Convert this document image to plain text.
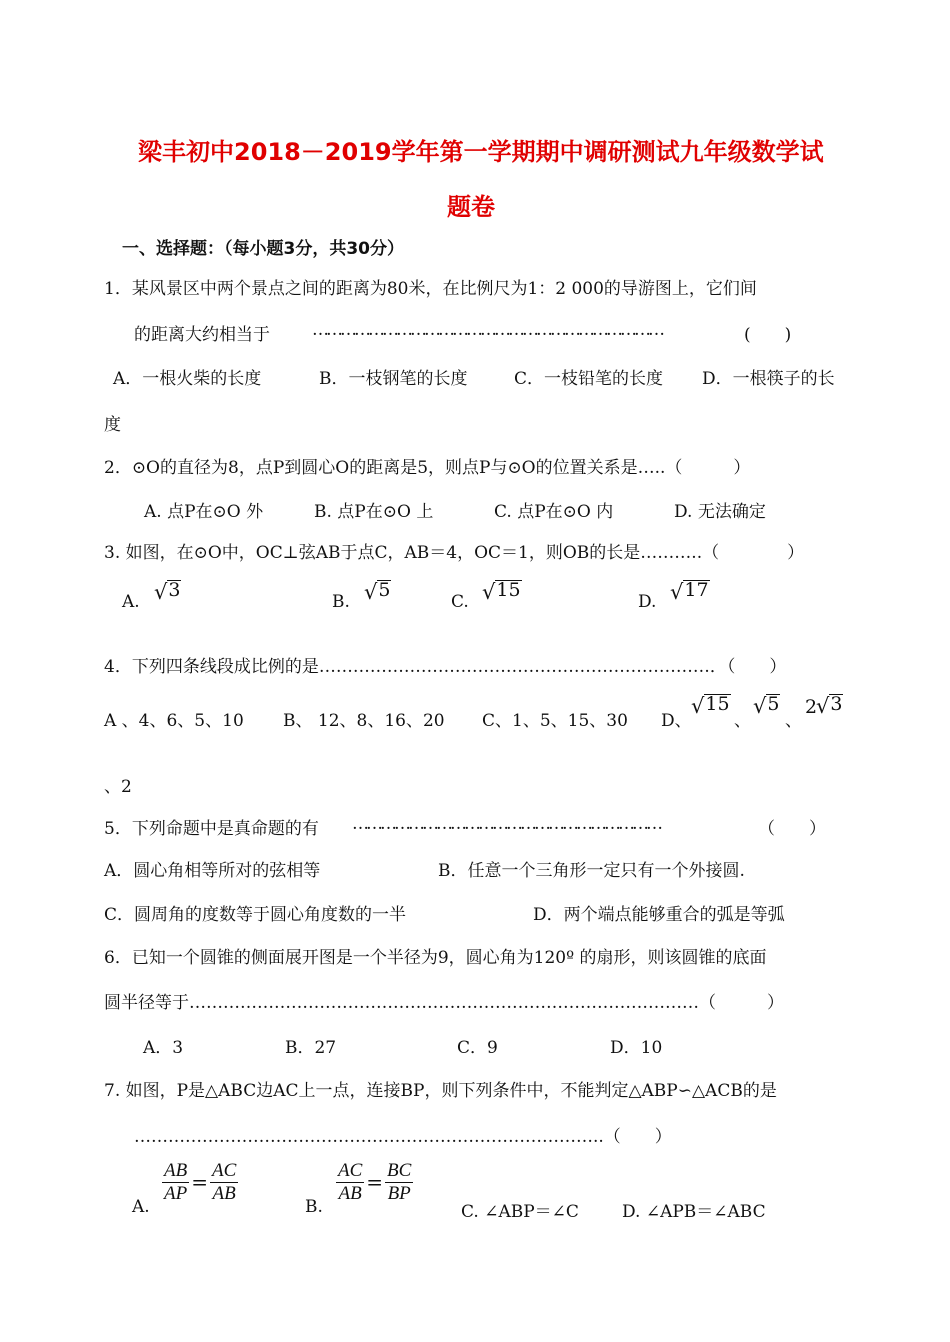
梁丰初中2018－2019学年第一学期期中调研测试九年级数学试
题卷
一、选择题：（每小题3分，共30分）
1．某风景区中两个景点之间的距离为80米，在比例尺为1：2 000的导游图上，它们间
的距离大约相当于 …………………………………………………………………	(　　)
A．一根火柴的长度	B．一枝钢笔的长度	C．一枝铅笔的长度 D．一根筷子的长
度
2．⊙O的直径为8，点P到圆心O的距离是5，则点P与⊙O的位置关系是…..（　　　）
A. 点P在⊙O 外	B. 点P在⊙O 上	C. 点P在⊙O 内	D. 无法确定
3. 如图，在⊙O中，OC⊥弦AB于点C，AB＝4，OC＝1，则OB的长是………..（　　　　）
A. √ 3
B. √ 5
C. √ 15
D. √ 17
4．下列四条线段成比例的是……………………………………………………………．（　　）
A 、4、6、5、10 B、 12、8、16、20 C、1、5、15、30 D、
√ 15
、
√ 5
、
2
√ 3
、2
5．下列命题中是真命题的有 …………………………………………………………	（　　）
A．圆心角相等所对的弦相等	B．任意一个三角形一定只有一个外接圆.
C．圆周角的度数等于圆心角度数的一半	D．两个端点能够重合的弧是等弧
6．已知一个圆锥的侧面展开图是一个半径为9，圆心角为120º 的扇形，则该圆锥的底面
圆半径等于………………………………………………………………………………（　　　）
A．3	B．27	C．9	D．10
7. 如图，P是△ABC边AC上一点，连接BP，则下列条件中，不能判定△ABP∽△ACB的是
………………………………………………………………………..（　　）
A.
$\frac{AB}{AP} = \frac{AC}{AB}$
B.
$\frac{AC}{AB} = \frac{BC}{BP}$
C. ∠ABP＝∠C	D. ∠APB＝∠ABC
